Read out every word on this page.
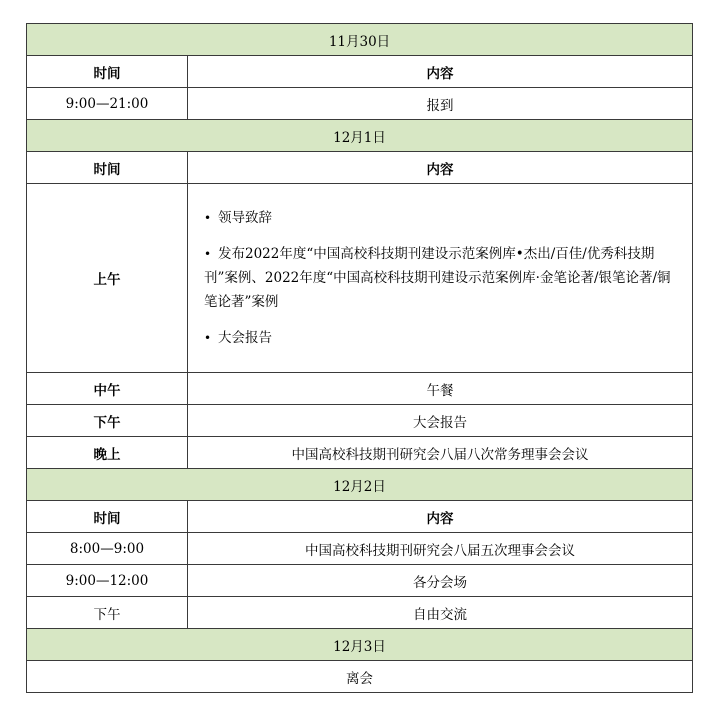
11月30日	
时间	内容
9:00—21:00	报到
12月1日	
时间	内容
上午	• 领导致辞

• 发布2022年度“中国高校科技期刊建设示范案例库•杰出/百佳/优秀科技期刊”案例、2022年度“中国高校科技期刊建设示范案例库·金笔论著/银笔论著/铜笔论著”案例

• 大会报告

中午	午餐
下午	大会报告
晚上	中国高校科技期刊研究会八届八次常务理事会会议
12月2日	
时间	内容
8:00—9:00	中国高校科技期刊研究会八届五次理事会会议
9:00—12:00	各分会场
下午	自由交流
12月3日	
离会	
